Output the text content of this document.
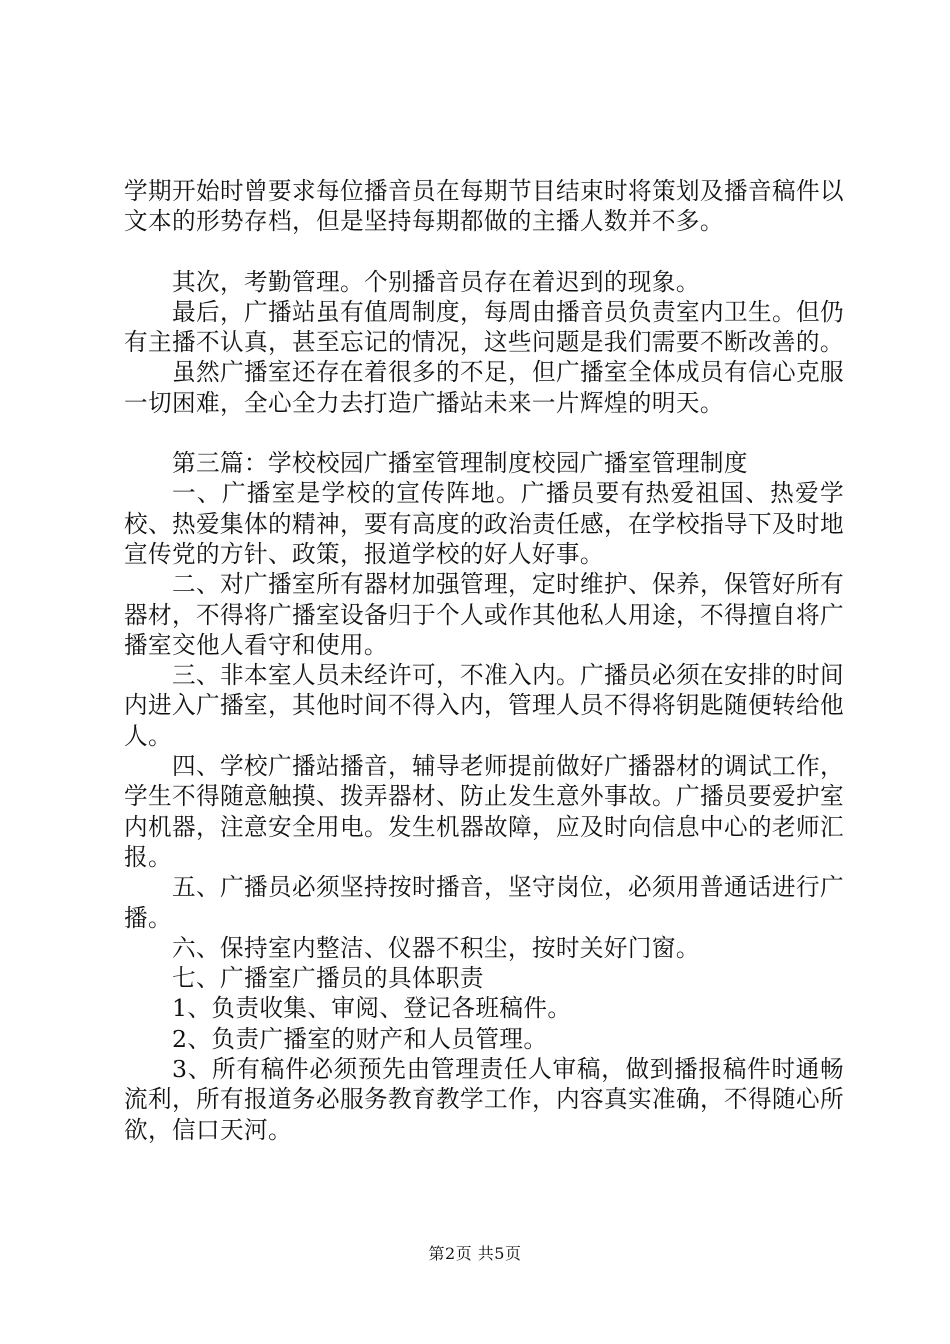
学期开始时曾要求每位播音员在每期节目结束时将策划及播音稿件以文本的形势存档，但是坚持每期都做的主播人数并不多。

其次，考勤管理。个别播音员存在着迟到的现象。

最后，广播站虽有值周制度，每周由播音员负责室内卫生。但仍有主播不认真，甚至忘记的情况，这些问题是我们需要不断改善的。

虽然广播室还存在着很多的不足，但广播室全体成员有信心克服一切困难，全心全力去打造广播站未来一片辉煌的明天。

第三篇：学校校园广播室管理制度校园广播室管理制度

一、广播室是学校的宣传阵地。广播员要有热爱祖国、热爱学校、热爱集体的精神，要有高度的政治责任感，在学校指导下及时地宣传党的方针、政策，报道学校的好人好事。

二、对广播室所有器材加强管理，定时维护、保养，保管好所有器材，不得将广播室设备归于个人或作其他私人用途，不得擅自将广播室交他人看守和使用。

三、非本室人员未经许可，不准入内。广播员必须在安排的时间内进入广播室，其他时间不得入内，管理人员不得将钥匙随便转给他人。

四、学校广播站播音，辅导老师提前做好广播器材的调试工作，学生不得随意触摸、拨弄器材、防止发生意外事故。广播员要爱护室内机器，注意安全用电。发生机器故障，应及时向信息中心的老师汇报。

五、广播员必须坚持按时播音，坚守岗位，必须用普通话进行广播。

六、保持室内整洁、仪器不积尘，按时关好门窗。

七、广播室广播员的具体职责

1、负责收集、审阅、登记各班稿件。

2、负责广播室的财产和人员管理。

3、所有稿件必须预先由管理责任人审稿，做到播报稿件时通畅流利，所有报道务必服务教育教学工作，内容真实准确，不得随心所欲，信口天河。

第2页 共5页
